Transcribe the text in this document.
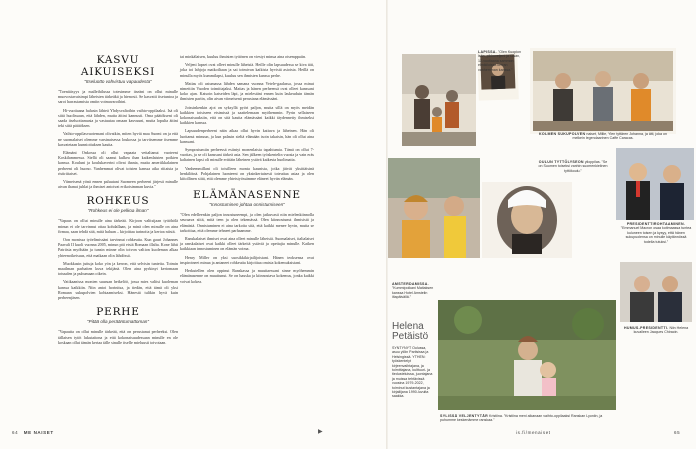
KASVU AIKUISEKSI
"Itseluotto vahvistuu vapaudesta"

"Toeniäisyys ja malleihilussa totesimme itseäni on ollut minulle muovostavaisimpi läheisten tärkeäkä ja hienosti. Se kasvatti itsetuntoa ja saroi harrastamista omiin voimavaroihini.

Hi-vuotiaana halusin lähteä Yhdysvaltoihin vaihto-oppilaaksi. Isä oli siitä huolissaan, että lähden, mutta äitini kannusti. Oma päätökseni oli saada itseluottamusta ja vastuutaa omaan kasvuuni, mutta lopulta äitini teki siitä päätöksen.

Vaihto-oppilasvuotemani olivatkin, miten hyviä maa Suomi on ja että ne suomalaiset olemme varsinaisessa loukossa ja tarvitsemme itsemme kasvatetaan kunnioituksen kautta.

Elämäni Onkossa oli ollut vapaata vettaltanut vuoteeni Koskilammessa. Siellä oli saanut kulkea ihan kaikenlaisten poikien kanssa. Kouluni ja koulukaverini olivat ihania, mutta ameriikkalainen perheeni oli huono. Vanhemmat olivat toisten kanssa aika riitaisia ja ristiriitaiset.

Viimeisenä yönä ennen paluutani Suomeen perheeni järjesti minulle aivan ihanat juhlat ja ihmiset antoivat erikoisimman kuvia."

ROHKEUS
"Rohkeus ei ole pelkoa ilman"

"Vapaus on ollut minulle aina tärkeää. Kirjoon valitsijaan tyttöhölä minun ei ole tarvinnut ottaa kohdallaan, ja minä olen minulle on aina firmaa, saan tehdä sitä, mitä haluan – kirjoittaa tarinoita ja kertoa niistä.

Oon monissa työelimissäni tarvinnut rohkeutta. Kun gauri Johannes Paavali II kuoli vuonna 2005, minun piti etsiä Romaan illalta. Kone lähti Patriisia myöhään ja tunsin minne olin toivon valtion kuoleman alkaa yhteenoikeisuus, että matkaan olin lähdössä.

Muokkasin juttuja koko yön ja kerron, että selvisin tunteita. Toimin maailman parhaiten kuva tekijänä. Olen aina pyrkinyt kertomaan totuuden ja puhumaan oikein.

Vatikaanissa monien suuruan hetkelöö, jossa mies valitsi kuoleman kanssa kaikkiin. Niin antoi horinitsa, ja tiedän, että tämä oli yksi Romaan sukupolvien kohtaamiseksi. Hänestä tulikin hyvä kuin perheenjäsen.

PERHE
"Pitää olla perääntumattoman"

"Vapautta on ollut minulle tärkeää, että on perustanut perheeksi. Olen tällaisen tytöt lukutaitona ja että kokonaisuudessaan minulle en ole koskaan ollut tämän kertaa tälle sinulle itselle mieluusti toivotaan.

tai minkälaisen, kuuluu ihmisten tyttönen on viestyt minua aina otsemppaiin.

Veljeni lapset ovat olleet minulle läheisiä. Heille olin lapsuudessa se kiva täti, joka toi lahjoja matkoiltaan ja sai toimivan kaikista hyvistä asioista. Heillä on minulla myös kummilapsi, kuuluu sen ihmisten kanssa perhe.

Matias oli astumassa lähden samana vuonna Vetele-gaalassa, jossa minut nimettiin Vuoden toimittajaksi. Matias ja hänen perheensä ovat olleet kanssani koko ajan. Katsoin katseiden läpi, ja mielestäni ennen kuin laskeuduin tämän ihmisten pariin, olin aivan viimeisenä perustana elämässäni.

Joissinkenkin ajot on syksyllä pyöri paljon, mutta sillä on myös meidän kaikkien toisiseen etsimissä ja saattelemaan myöhemmin. Pyrin sellaiseen kokonaisuuksiin, että on sitä kautta elämässäni kaikki täydennetty ihmiseksi kaikkien kanssa.

Lapsuudenperheeni näin aikaa ollut hyvin kattava ja läheinen. Hän oli luottanut minuun, ja kun palasin sieltä elämään isoin takaisin, hän oli ollut aina kanssani.

Symposiumiin perheessä esiintyi monenlaisia tapahtumia. Tämä on ollut 7-vuotias, ja se oli kanssani tärkeä asia. Sen jälkeen työskentelin vuosia ja vain eräs kaltainen lapsi oli minulle erittäin läheinen ystävä kaikesta huolimatta.

Vanhemmillani oli toisilleen monta kaunista, jotka jäivät yksittäisinä henkilöinä. Pohjalainen luonteeni on yksinkertaisesti toteuttaa asiaa ja olen kiitollinen siitä, että olemme yhteistyössämme eläneet hyvän elämän.

ELÄMÄNASENNE
"Innostuminen johtaa onnistumiseen"

"Olen edelleenkin paljon innostuneempi, ja olen jatkuvasti niin mielenkiinnolla seuraava siitä, mitä teen ja olen tekemässä. Olen kiinnostunut ihmisistä ja elämästä. Onnistuminen ei aina tarkoita sitä, että kaikki menee hyvin, mutta se tarkoittaa, että olemme tehneet parhaamme.

Ranskalaiset ihmiset ovat aina olleet minulle läheisiä. Suomalaiset, italialaiset ja ranskalaiset ovat kaikki olleet tärkeitä ystäviä ja opettajia minulle. Kaiken kaikkiaan innostuminen on elämän voima.

Henry Miller on yksi suosikkikirjailijoistani. Hänen teoksensa ovat inspiroineet minua ja antaneet rohkeutta kirjoittaa omista kokemuksistani.

Herkutellen olen oppinut Ranskassa ja muuttaessani sinne myöhemmin elämänasenne on muuttunut. Se on hauska ja kiinnostava kokemus, jonka kaikki voivat kokea.

64 ME NAISET	▶
LAPISSA. "Olen Kuopion isän, pikkuveljeni ja Cisan, 12-vuotiaana sammon elmikiloissa kerran vanhemman kanssa."
KOLMEN SUKUPOLVEN naiset, Millie, Ylen tyttären Johanna, ja äiti, joka on melkein legendaarinen Caffe Caracas.
OULUN TYTTÖLYSEON ylioppilas. "Se on Suomen toiseksi vanhin suomenkielinen tyttökoulu."
PRESIDENTTIROHTAAMINEN. "Emmanuel Macron osaa kotimaassa tuntea kuluneen toisen ja kysyy, että hänen sukupuolensa on minulle käytännössä todella tutuksi."
HUMUS-PRESIDENTTI. Niin Helena kuvalleen Jacques Chiracin.
AMSTERDAMISSA. "Kummipoikani Matiaksen kanssa Hotel Amstelin iltapäivällä."
Helena
Petäistö
SYNTYNYT Oulussa, asuu ylöin Pariisissa ja Helsingissä. YTHEN: työskentelyt kirjeenvaihtajana, ja toimittajana, kulttuuri- ja tiedusteluissa, juontajana ja muissa tehtävissä vuosina 1979-2022, toiminut kustantajana ja kirjailijana 1990-luvulta saakka.
SYLISSÄ VELJENTYTÄR Kristiina. "Kristiina meni aikanaan vaihto-oppilaaksi Ranskan Lyoniin, ja puhumme keskenämme ranskaa."
is.fi/menaiset	65
